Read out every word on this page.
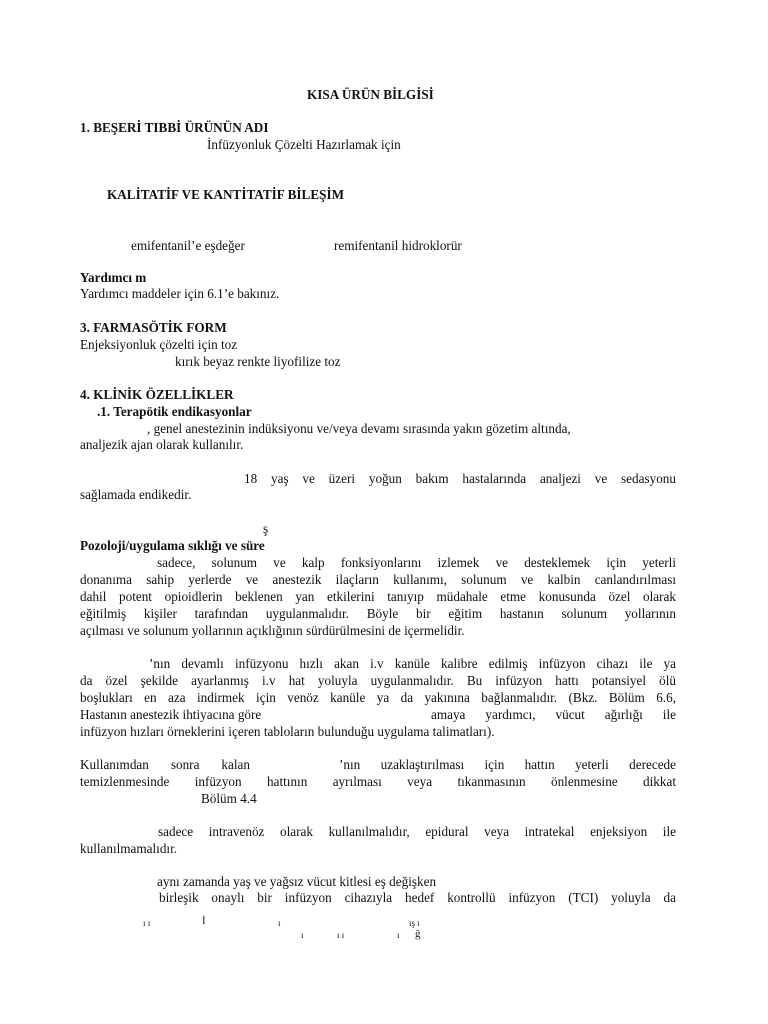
KISA ÜRÜN BİLGİSİ
1. BEŞERİ TIBBİ ÜRÜNÜN ADI
İnfüzyonluk Çözelti Hazırlamak için
KALİTATİF VE KANTİTATİF BİLEŞİM
emifentanil’e eşdeğer	remifentanil hidroklorür
Yardımcı m
Yardımcı maddeler için 6.1’e bakınız.
3. FARMASÖTİK FORM
Enjeksiyonluk çözelti için toz
kırık beyaz renkte liyofilize toz
4. KLİNİK ÖZELLİKLER
.1. Terapötik endikasyonlar
, genel anestezinin indüksiyonu ve/veya devamı sırasında yakın gözetim altında,
analjezik ajan olarak kullanılır.
18 yaş ve üzeri yoğun bakım hastalarında analjezi ve sedasyonu
sağlamada endikedir.
ş
Pozoloji/uygulama sıklığı ve süre
sadece, solunum ve kalp fonksiyonlarını izlemek ve desteklemek için yeterli
donanıma sahip yerlerde ve anestezik ilaçların kullanımı, solunum ve kalbin canlandırılması
dahil potent opioidlerin beklenen yan etkilerini tanıyıp müdahale etme konusunda özel olarak
eğitilmiş kişiler tarafından uygulanmalıdır. Böyle bir eğitim hastanın solunum yollarının
açılması ve solunum yollarının açıklığının sürdürülmesini de içermelidir.
’nın devamlı infüzyonu hızlı akan i.v kanüle kalibre edilmiş infüzyon cihazı ile ya
da özel şekilde ayarlanmış i.v hat yoluyla uygulanmalıdır. Bu infüzyon hattı potansiyel ölü
boşlukları en aza indirmek için venöz kanüle ya da yakınına bağlanmalıdır. (Bkz. Bölüm 6.6,
Hastanın anestezik ihtiyacına göre	amaya yardımcı, vücut ağırlığı ile
infüzyon hızları örneklerini içeren tabloların bulunduğu uygulama talimatları).
Kullanımdan sonra kalan	’nın uzaklaştırılması için hattın yeterli derecede
temizlenmesinde infüzyon hattının ayrılması veya tıkanmasının önlenmesine dikkat
Bölüm 4.4
sadece intravenöz olarak kullanılmalıdır, epidural veya intratekal enjeksiyon ile
kullanılmamalıdır.
aynı zamanda yaş ve yağsız vücut kitlesi eş değişken
birleşik onaylı bir infüzyon cihazıyla hedef kontrollü infüzyon (TCI) yoluyla da
ı ı	İ	ı	ış ı
ı	ı ı	ı ğ
